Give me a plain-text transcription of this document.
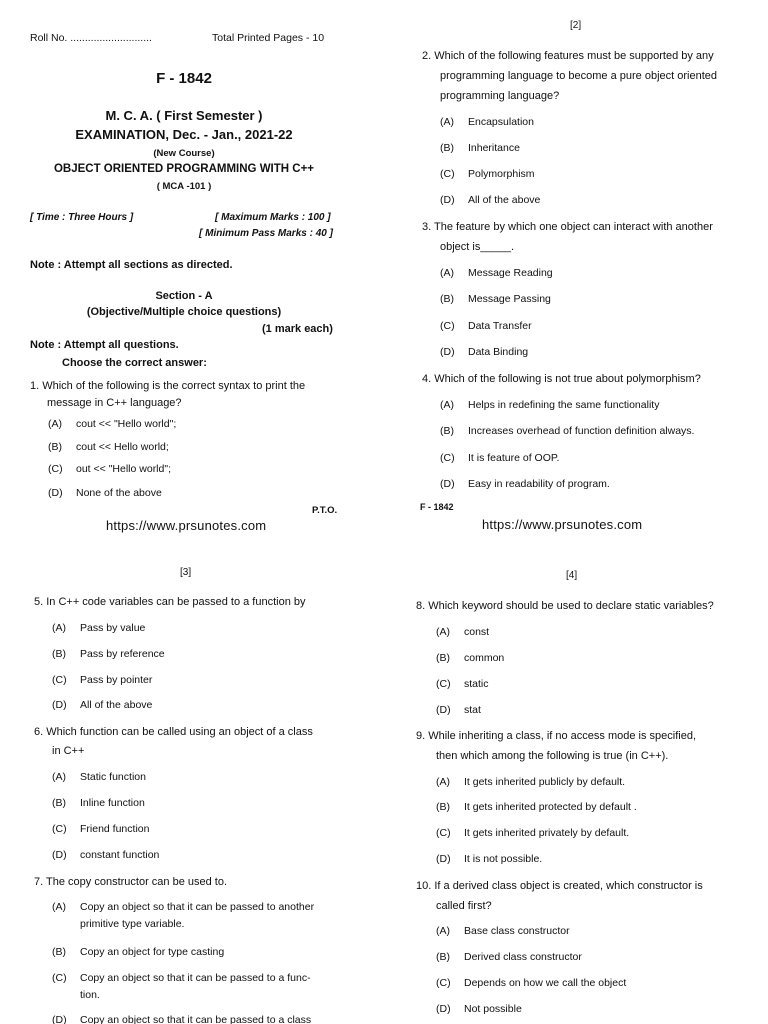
Roll No. ............................	Total Printed Pages - 10
F - 1842
M. C. A. ( First Semester )
EXAMINATION, Dec. - Jan., 2021-22
(New Course)
OBJECT ORIENTED PROGRAMMING WITH C++
( MCA -101 )
[ Time : Three Hours ]	[ Maximum Marks : 100 ]
[ Minimum Pass Marks : 40 ]
Note : Attempt all sections as directed.
Section - A
(Objective/Multiple choice questions)
(1 mark each)
Note : Attempt all questions.
Choose the correct answer:
1. Which of the following is the correct syntax to print the
message in C++ language?
(A) cout << "Hello world";
(B) cout << Hello world;
(C) out << "Hello world";
(D) None of the above
P.T.O.
https://www.prsunotes.com
[2]
2. Which of the following features must be supported by any
programming language to become a pure object oriented
programming language?
(A) Encapsulation
(B) Inheritance
(C) Polymorphism
(D) All of the above
3. The feature by which one object can interact with another
object is_____.
(A) Message Reading
(B) Message Passing
(C) Data Transfer
(D) Data Binding
4. Which of the following is not true about polymorphism?
(A) Helps in redefining the same functionality
(B) Increases overhead of function definition always.
(C) It is feature of OOP.
(D) Easy in readability of program.
F - 1842
https://www.prsunotes.com
[3]
5. In C++ code variables can be passed to a function by
(A) Pass by value
(B) Pass by reference
(C) Pass by pointer
(D) All of the above
6. Which function can be called using an object of a class
in C++
(A) Static function
(B) Inline function
(C) Friend function
(D) constant function
7. The copy constructor can be used to.
(A) Copy an object so that it can be passed to another
primitive type variable.
(B) Copy an object for type casting
(C) Copy an object so that it can be passed to a func-
tion.
(D) Copy an object so that it can be passed to a class
[4]
8. Which keyword should be used to declare static variables?
(A) const
(B) common
(C) static
(D) stat
9. While inheriting a class, if no access mode is specified,
then which among the following is true (in C++).
(A) It gets inherited publicly by default.
(B) It gets inherited protected by default .
(C) It gets inherited privately by default.
(D) It is not possible.
10. If a derived class object is created, which constructor is
called first?
(A) Base class constructor
(B) Derived class constructor
(C) Depends on how we call the object
(D) Not possible
